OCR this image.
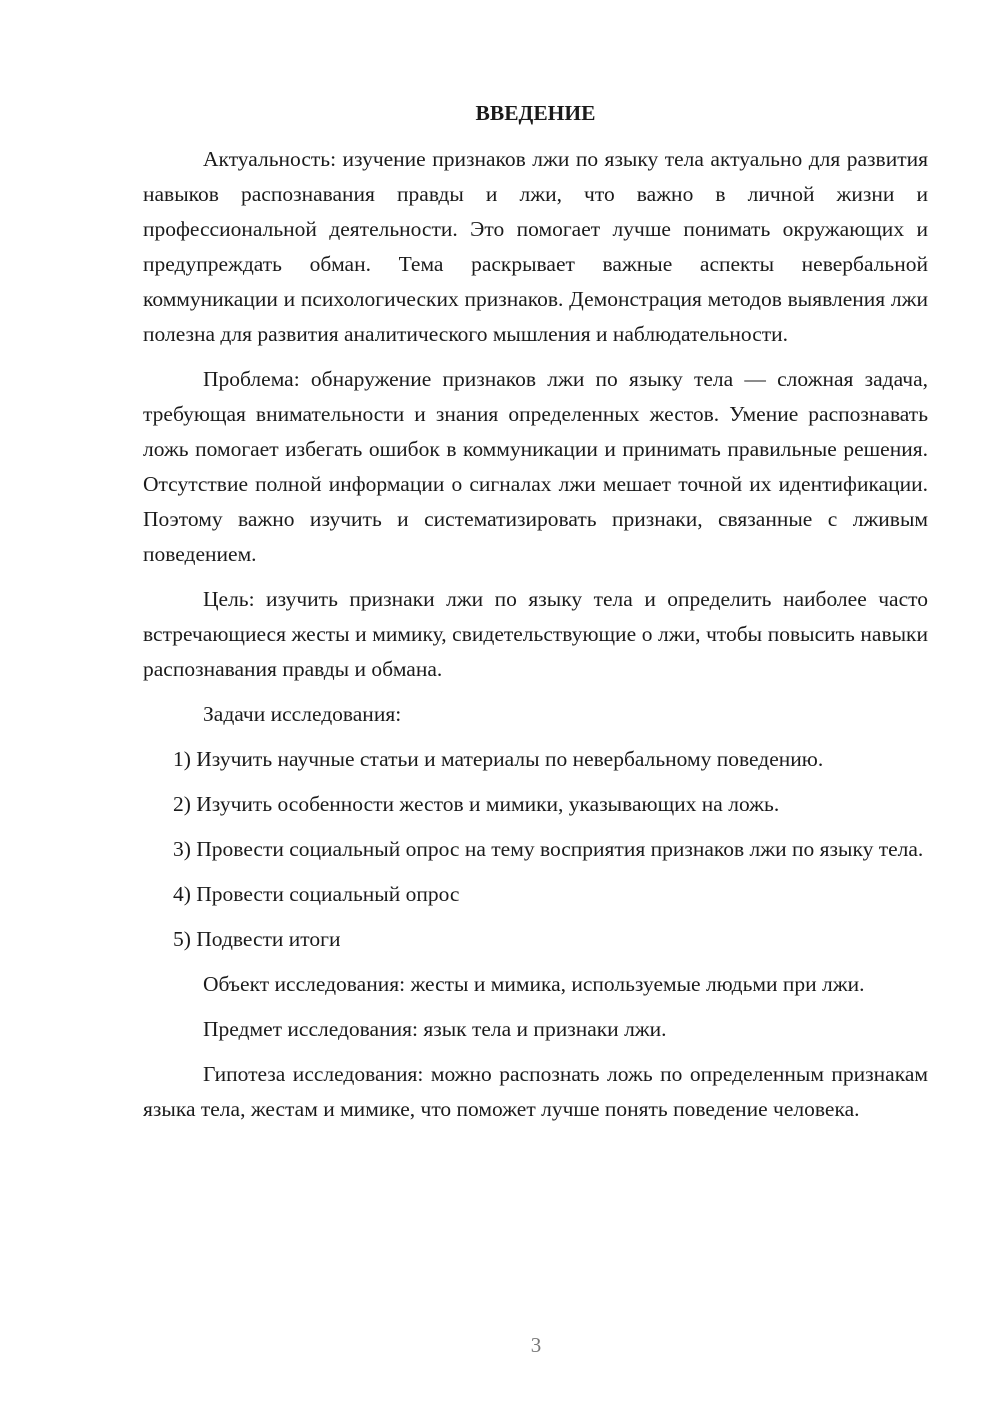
ВВЕДЕНИЕ

Актуальность: изучение признаков лжи по языку тела актуально для развития навыков распознавания правды и лжи, что важно в личной жизни и профессиональной деятельности. Это помогает лучше понимать окружающих и предупреждать обман. Тема раскрывает важные аспекты невербальной коммуникации и психологических признаков. Демонстрация методов выявления лжи полезна для развития аналитического мышления и наблюдательности.

Проблема: обнаружение признаков лжи по языку тела — сложная задача, требующая внимательности и знания определенных жестов. Умение распознавать ложь помогает избегать ошибок в коммуникации и принимать правильные решения. Отсутствие полной информации о сигналах лжи мешает точной их идентификации. Поэтому важно изучить и систематизировать признаки, связанные с лживым поведением.

Цель: изучить признаки лжи по языку тела и определить наиболее часто встречающиеся жесты и мимику, свидетельствующие о лжи, чтобы повысить навыки распознавания правды и обмана.

Задачи исследования:

1) Изучить научные статьи и материалы по невербальному поведению.

2) Изучить особенности жестов и мимики, указывающих на ложь.

3) Провести социальный опрос на тему восприятия признаков лжи по языку тела.

4) Провести социальный опрос

5) Подвести итоги

Объект исследования: жесты и мимика, используемые людьми при лжи.

Предмет исследования: язык тела и признаки лжи.

Гипотеза исследования: можно распознать ложь по определенным признакам языка тела, жестам и мимике, что поможет лучше понять поведение человека.

3
